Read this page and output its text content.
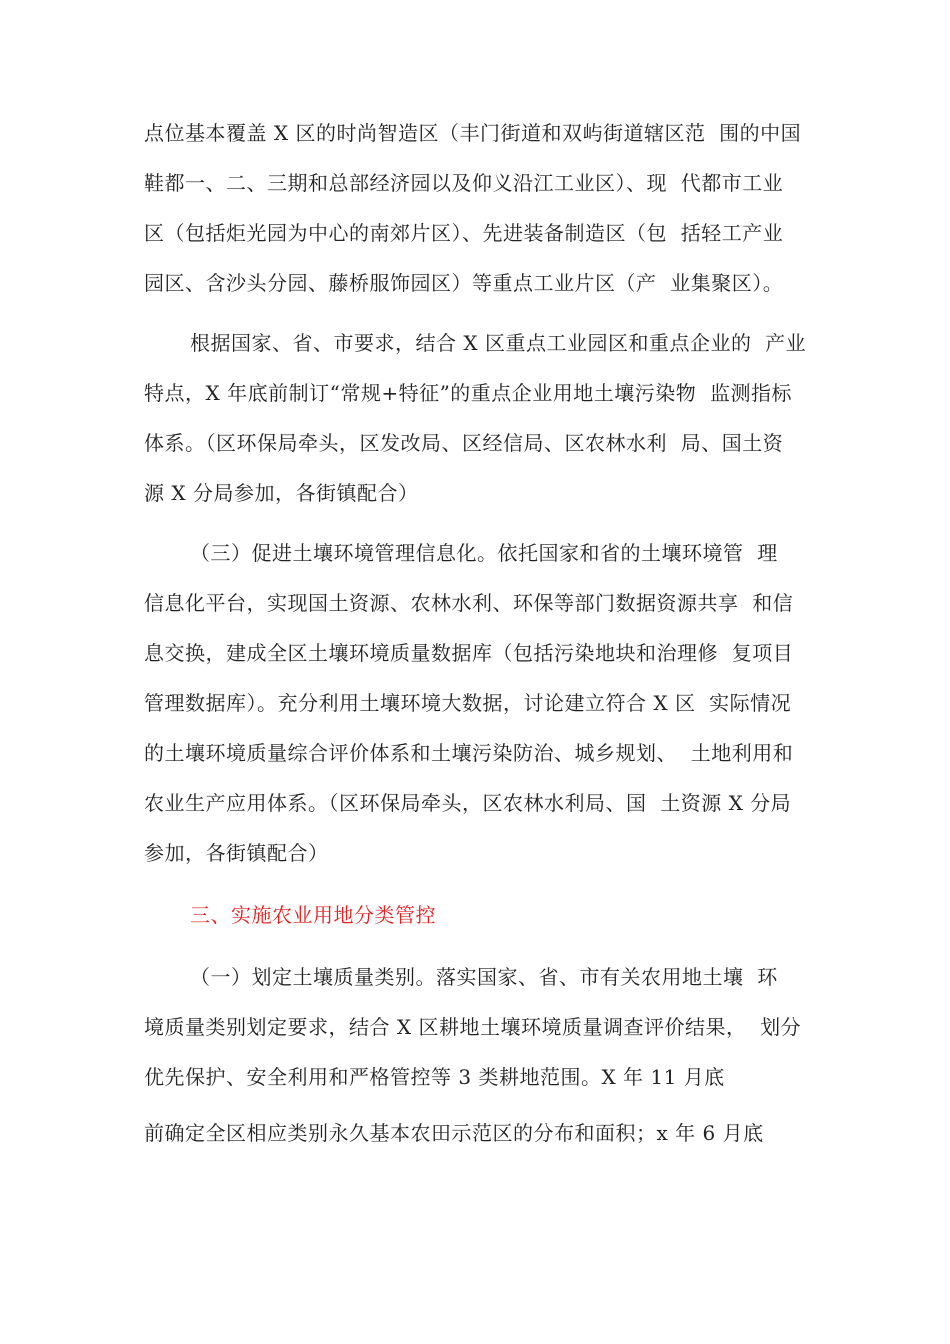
点位基本覆盖 X 区的时尚智造区（丰门街道和双屿街道辖区范  围的中国
鞋都一、二、三期和总部经济园以及仰义沿江工业区）、现  代都市工业
区（包括炬光园为中心的南郊片区）、先进装备制造区（包  括轻工产业
园区、含沙头分园、藤桥服饰园区）等重点工业片区（产  业集聚区）。
根据国家、省、市要求，结合 X 区重点工业园区和重点企业的  产业
特点，X 年底前制订“常规+特征”的重点企业用地土壤污染物  监测指标
体系。（区环保局牵头，区发改局、区经信局、区农林水利  局、国土资
源 X 分局参加，各街镇配合）
（三）促进土壤环境管理信息化。依托国家和省的土壤环境管  理
信息化平台，实现国土资源、农林水利、环保等部门数据资源共享  和信
息交换，建成全区土壤环境质量数据库（包括污染地块和治理修  复项目
管理数据库）。充分利用土壤环境大数据，讨论建立符合 X 区  实际情况
的土壤环境质量综合评价体系和土壤污染防治、城乡规划、  土地利用和
农业生产应用体系。（区环保局牵头，区农林水利局、国  土资源 X 分局
参加，各街镇配合）
三、实施农业用地分类管控
（一）划定土壤质量类别。落实国家、省、市有关农用地土壤  环
境质量类别划定要求，结合 X 区耕地土壤环境质量调查评价结果，  划分
优先保护、安全利用和严格管控等 3 类耕地范围。X 年 11 月底
前确定全区相应类别永久基本农田示范区的分布和面积；x 年 6 月底
